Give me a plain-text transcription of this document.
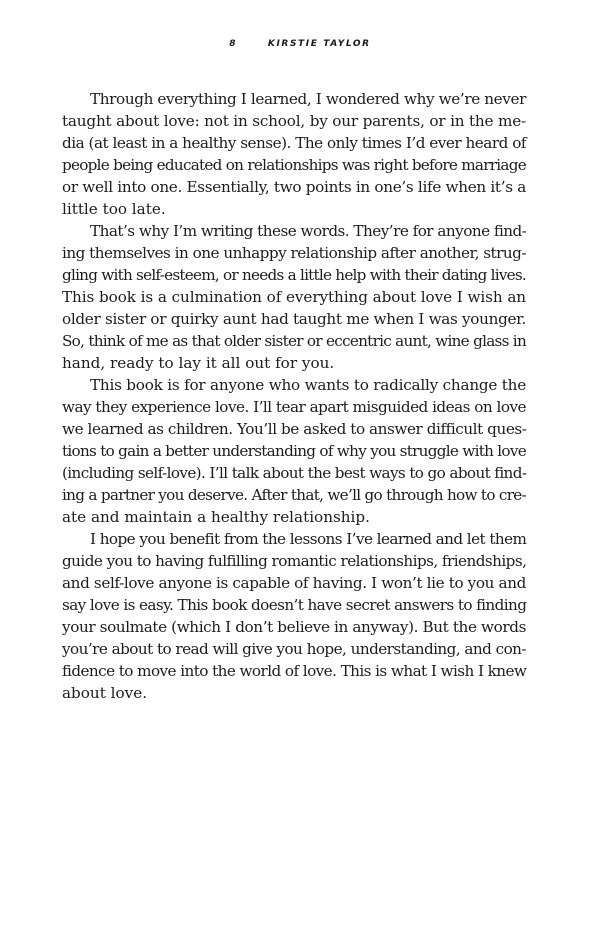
8	KIRSTIE TAYLOR
Through everything I learned, I wondered why we’re never
taught about love: not in school, by our parents, or in the me-
dia (at least in a healthy sense). The only times I’d ever heard of
people being educated on relationships was right before marriage
or well into one. Essentially, two points in one’s life when it’s a
little too late.
That’s why I’m writing these words. They’re for anyone find-
ing themselves in one unhappy relationship after another, strug-
gling with self-esteem, or needs a little help with their dating lives.
This book is a culmination of everything about love I wish an
older sister or quirky aunt had taught me when I was younger.
So, think of me as that older sister or eccentric aunt, wine glass in
hand, ready to lay it all out for you.
This book is for anyone who wants to radically change the
way they experience love. I’ll tear apart misguided ideas on love
we learned as children. You’ll be asked to answer difficult ques-
tions to gain a better understanding of why you struggle with love
(including self-love). I’ll talk about the best ways to go about find-
ing a partner you deserve. After that, we’ll go through how to cre-
ate and maintain a healthy relationship.
I hope you benefit from the lessons I’ve learned and let them
guide you to having fulfilling romantic relationships, friendships,
and self-love anyone is capable of having. I won’t lie to you and
say love is easy. This book doesn’t have secret answers to finding
your soulmate (which I don’t believe in anyway). But the words
you’re about to read will give you hope, understanding, and con-
fidence to move into the world of love. This is what I wish I knew
about love.
